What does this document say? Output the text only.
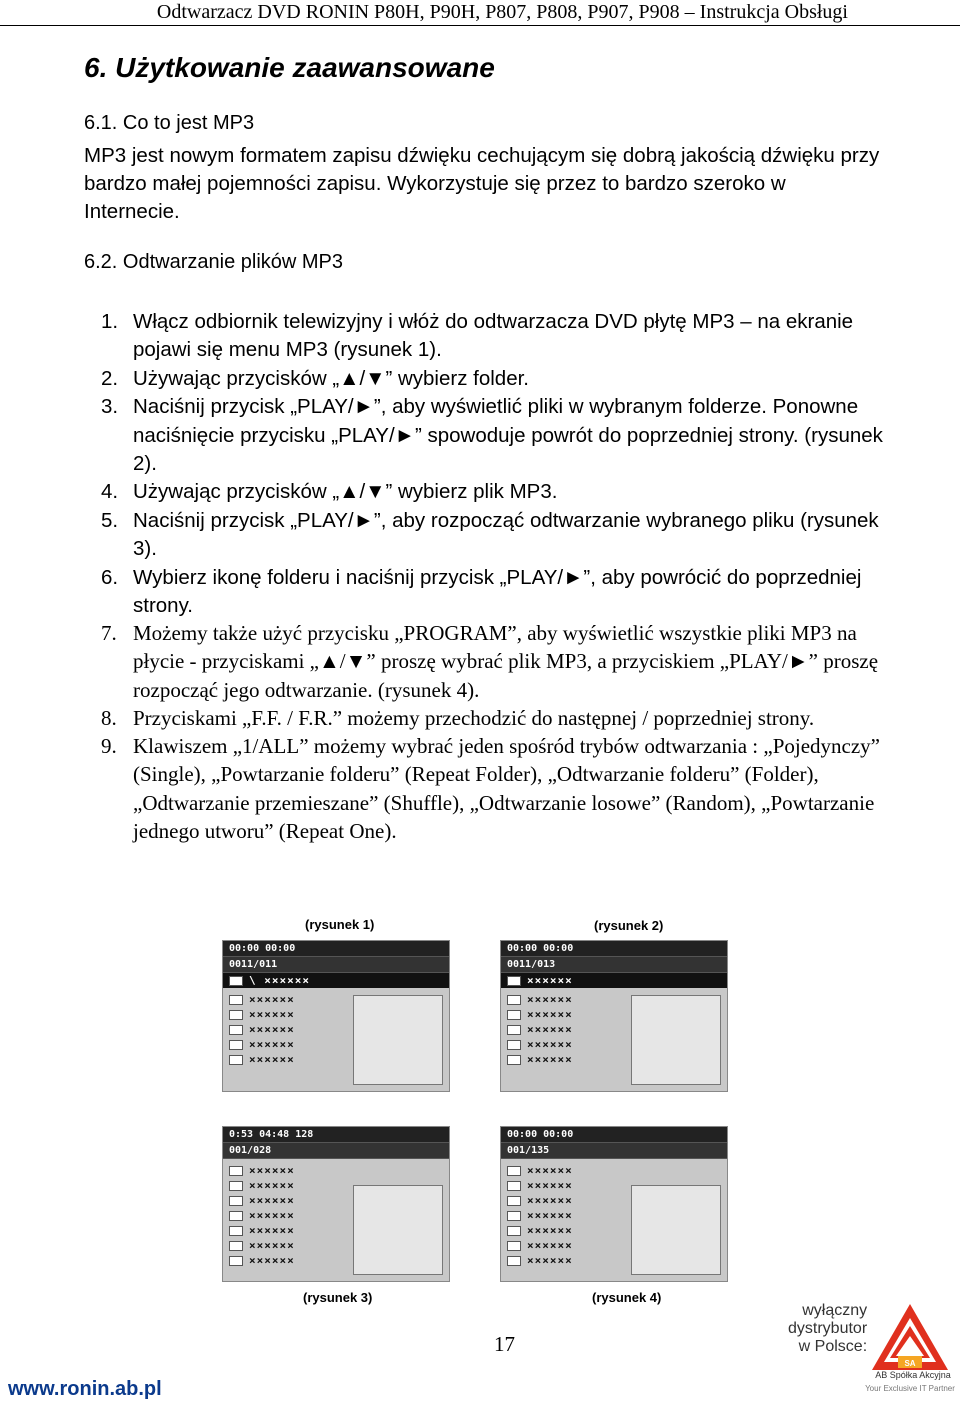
Odtwarzacz DVD RONIN P80H, P90H, P807, P808, P907, P908 – Instrukcja Obsługi
6. Użytkowanie zaawansowane
6.1. Co to jest MP3
MP3 jest nowym formatem zapisu dźwięku cechującym się dobrą jakością dźwięku przy bardzo małej pojemności zapisu. Wykorzystuje się przez to bardzo szeroko w Internecie.
6.2. Odtwarzanie plików MP3
1. Włącz odbiornik telewizyjny i włóż do odtwarzacza DVD płytę MP3 – na ekranie pojawi się menu MP3 (rysunek 1).
2. Używając przycisków „▲/▼” wybierz folder.
3. Naciśnij przycisk „PLAY/►”, aby wyświetlić pliki w wybranym folderze. Ponowne naciśnięcie przycisku „PLAY/►” spowoduje powrót do poprzedniej strony. (rysunek 2).
4. Używając przycisków „▲/▼” wybierz plik MP3.
5. Naciśnij przycisk „PLAY/►”, aby rozpocząć odtwarzanie wybranego pliku (rysunek 3).
6. Wybierz ikonę folderu i naciśnij przycisk „PLAY/►”, aby powrócić do poprzedniej strony.
7. Możemy także użyć przycisku „PROGRAM”, aby wyświetlić wszystkie pliki MP3 na płycie - przyciskami „▲/▼” proszę wybrać plik MP3, a przyciskiem „PLAY/►” proszę rozpocząć jego odtwarzanie. (rysunek 4).
8. Przyciskami „F.F. / F.R.” możemy przechodzić do następnej / poprzedniej strony.
9. Klawiszem „1/ALL” możemy wybrać jeden spośród trybów odtwarzania : „Pojedynczy” (Single), „Powtarzanie folderu” (Repeat Folder), „Odtwarzanie folderu” (Folder), „Odtwarzanie przemieszane” (Shuffle), „Odtwarzanie losowe” (Random), „Powtarzanie jednego utworu” (Repeat One).
(rysunek 1)	(rysunek 2)
00:00 00:00
0011/011
\ ××××××
××××××
××××××
××××××
××××××
××××××
00:00 00:00
0011/013
××××××
××××××
××××××
××××××
××××××
××××××
0:53 04:48 128
001/028
××××××
××××××
××××××
××××××
××××××
××××××
××××××
00:00 00:00
001/135
××××××
××××××
××××××
××××××
××××××
××××××
××××××
(rysunek 3)	(rysunek 4)
17
www.ronin.ab.pl
wyłączny
dystrybutor
w Polsce:
SA
AB Spółka Akcyjna
Your Exclusive IT Partner
